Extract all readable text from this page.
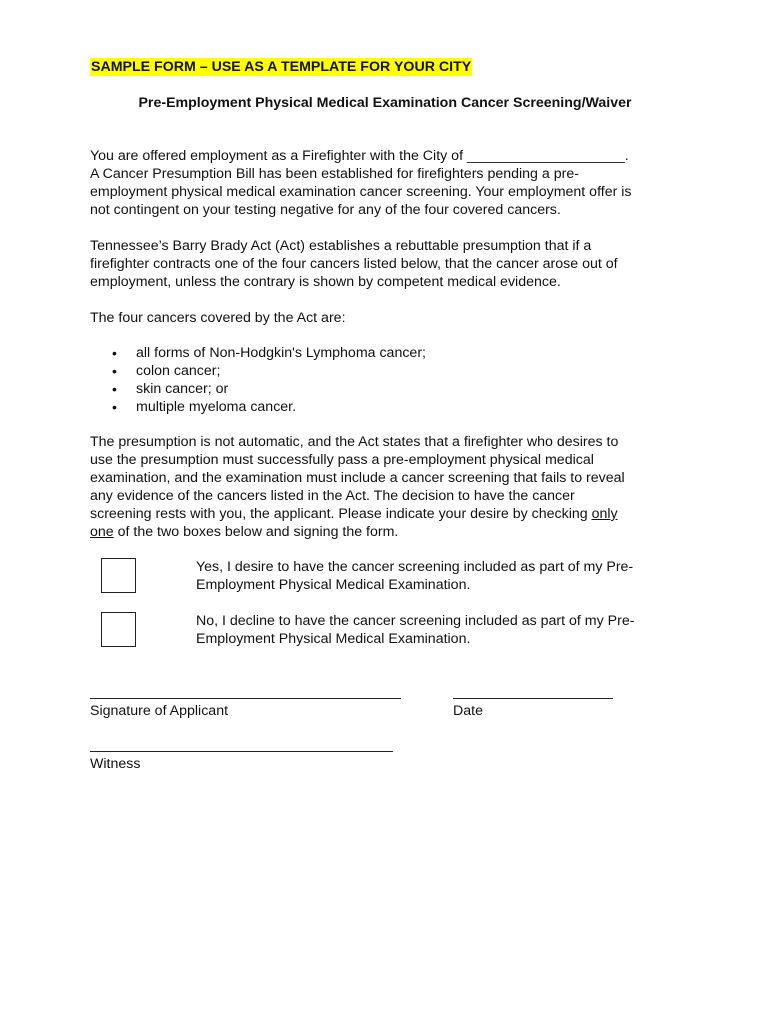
SAMPLE FORM – USE AS A TEMPLATE FOR YOUR CITY
Pre-Employment Physical Medical Examination Cancer Screening/Waiver
You are offered employment as a Firefighter with the City of ____________________.
A Cancer Presumption Bill has been established for firefighters pending a pre-
employment physical medical examination cancer screening. Your employment offer is
not contingent on your testing negative for any of the four covered cancers.
Tennessee’s Barry Brady Act (Act) establishes a rebuttable presumption that if a
firefighter contracts one of the four cancers listed below, that the cancer arose out of
employment, unless the contrary is shown by competent medical evidence.
The four cancers covered by the Act are:
• all forms of Non-Hodgkin's Lymphoma cancer;
• colon cancer;
• skin cancer; or
• multiple myeloma cancer.
The presumption is not automatic, and the Act states that a firefighter who desires to
use the presumption must successfully pass a pre-employment physical medical
examination, and the examination must include a cancer screening that fails to reveal
any evidence of the cancers listed in the Act. The decision to have the cancer
screening rests with you, the applicant. Please indicate your desire by checking only
one of the two boxes below and signing the form.
Yes, I desire to have the cancer screening included as part of my Pre-
Employment Physical Medical Examination.
No, I decline to have the cancer screening included as part of my Pre-
Employment Physical Medical Examination.
Signature of Applicant	Date
Witness
